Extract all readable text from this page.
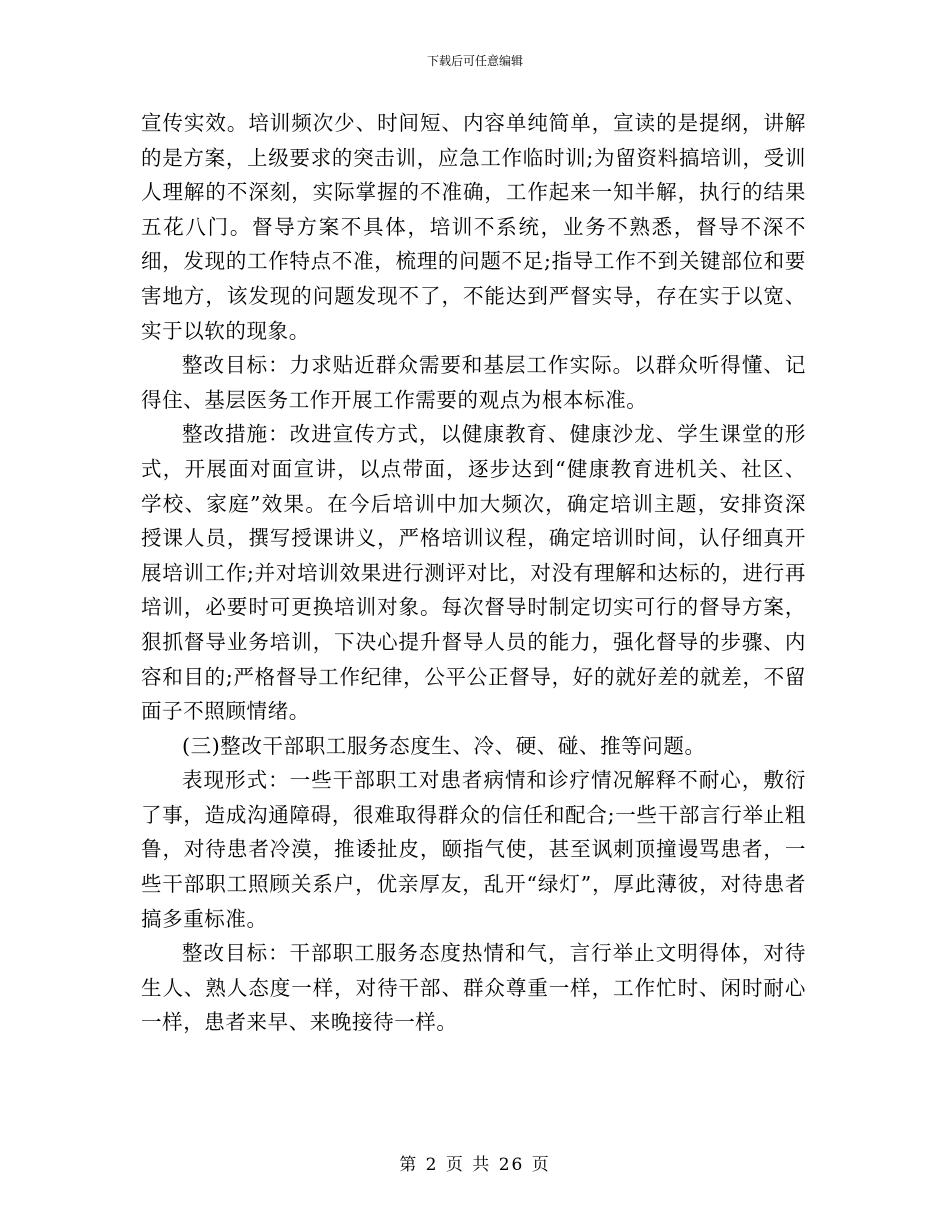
下载后可任意编辑

宣传实效。培训频次少、时间短、内容单纯简单，宣读的是提纲，讲解的是方案，上级要求的突击训，应急工作临时训;为留资料搞培训，受训人理解的不深刻，实际掌握的不准确，工作起来一知半解，执行的结果五花八门。督导方案不具体，培训不系统，业务不熟悉，督导不深不细，发现的工作特点不准，梳理的问题不足;指导工作不到关键部位和要害地方，该发现的问题发现不了，不能达到严督实导，存在实于以宽、实于以软的现象。

整改目标：力求贴近群众需要和基层工作实际。以群众听得懂、记得住、基层医务工作开展工作需要的观点为根本标准。

整改措施：改进宣传方式，以健康教育、健康沙龙、学生课堂的形式，开展面对面宣讲，以点带面，逐步达到“健康教育进机关、社区、学校、家庭”效果。在今后培训中加大频次，确定培训主题，安排资深授课人员，撰写授课讲义，严格培训议程，确定培训时间，认仔细真开展培训工作;并对培训效果进行测评对比，对没有理解和达标的，进行再培训，必要时可更换培训对象。每次督导时制定切实可行的督导方案，狠抓督导业务培训，下决心提升督导人员的能力，强化督导的步骤、内容和目的;严格督导工作纪律，公平公正督导，好的就好差的就差，不留面子不照顾情绪。

(三)整改干部职工服务态度生、冷、硬、碰、推等问题。

表现形式：一些干部职工对患者病情和诊疗情况解释不耐心，敷衍了事，造成沟通障碍，很难取得群众的信任和配合;一些干部言行举止粗鲁，对待患者冷漠，推诿扯皮，颐指气使，甚至讽刺顶撞谩骂患者，一些干部职工照顾关系户，优亲厚友，乱开“绿灯”，厚此薄彼，对待患者搞多重标准。

整改目标：干部职工服务态度热情和气，言行举止文明得体，对待生人、熟人态度一样，对待干部、群众尊重一样，工作忙时、闲时耐心一样，患者来早、来晚接待一样。

第 2 页 共 26 页
